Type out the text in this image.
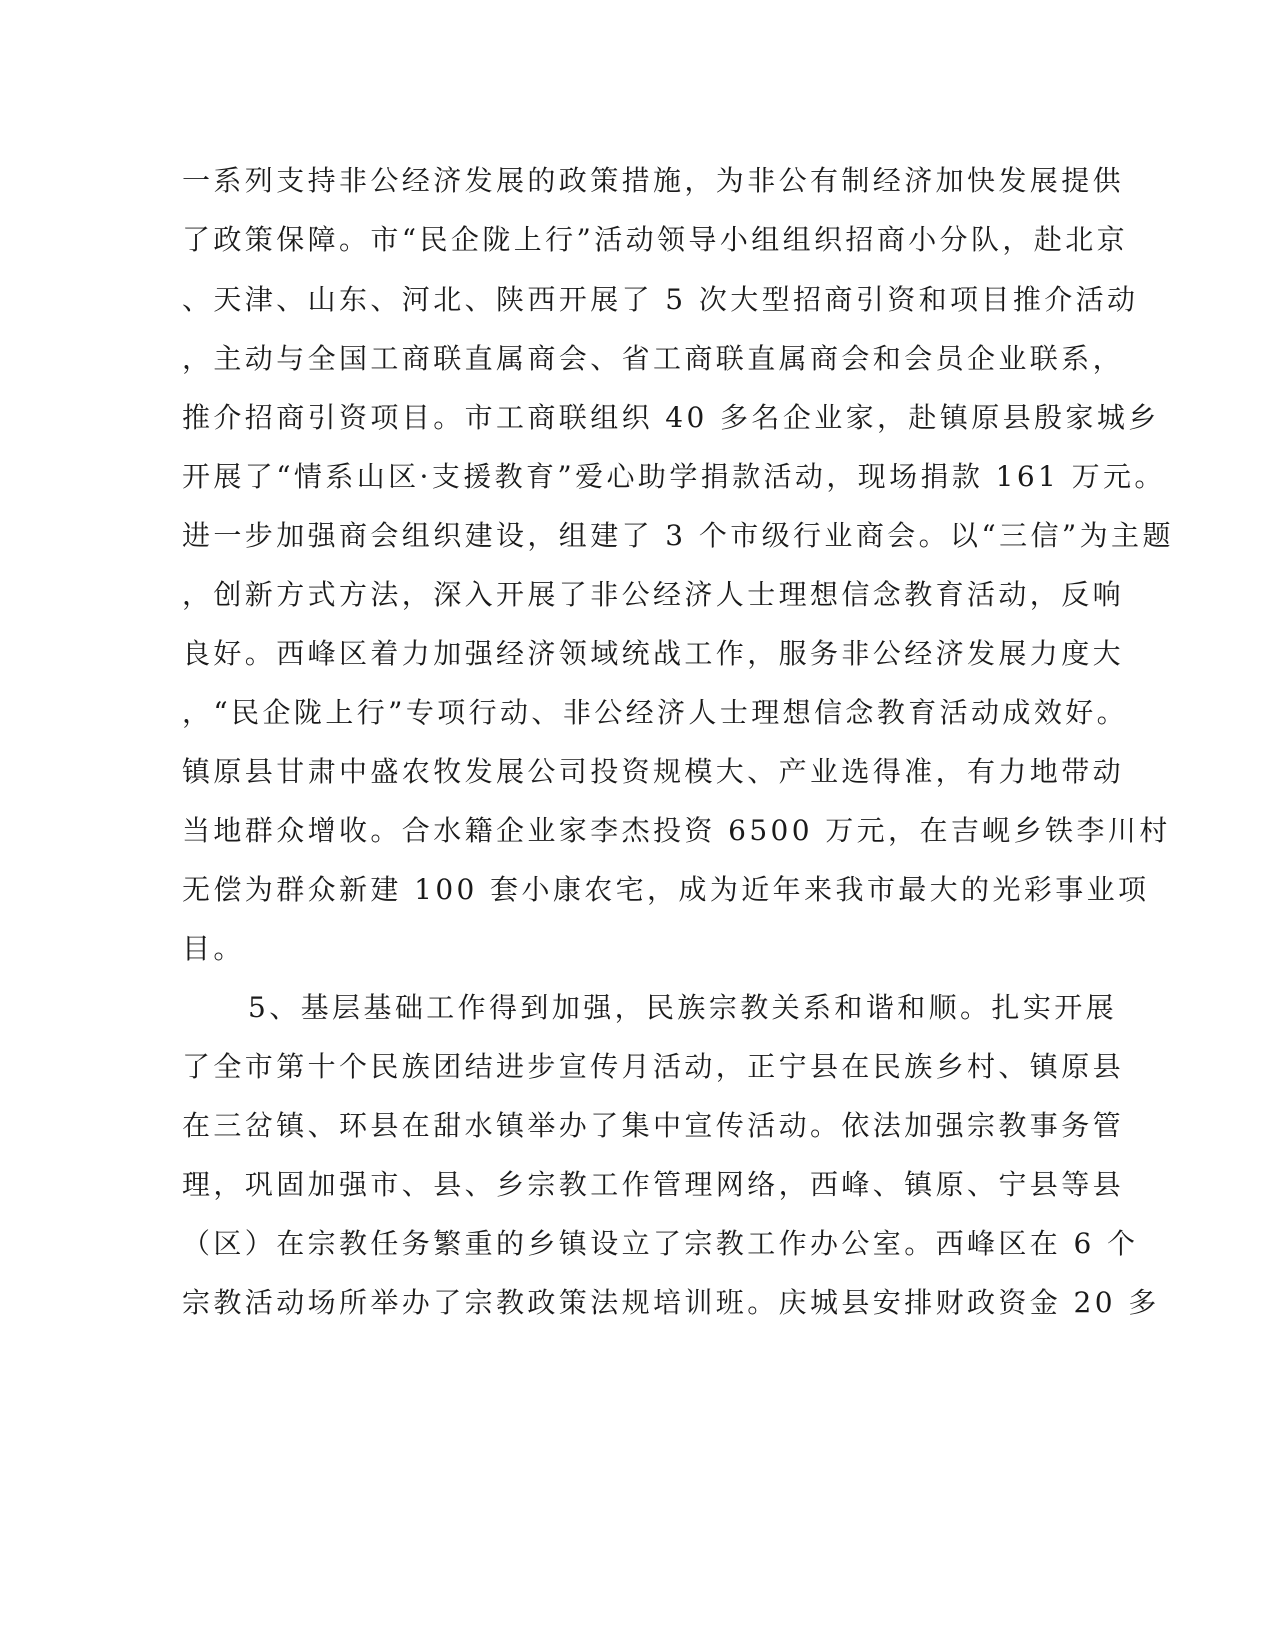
一系列支持非公经济发展的政策措施，为非公有制经济加快发展提供
了政策保障。市“民企陇上行”活动领导小组组织招商小分队，赴北京
、天津、山东、河北、陕西开展了 5 次大型招商引资和项目推介活动
，主动与全国工商联直属商会、省工商联直属商会和会员企业联系，
推介招商引资项目。市工商联组织 40 多名企业家，赴镇原县殷家城乡
开展了“情系山区·支援教育”爱心助学捐款活动，现场捐款 161 万元。
进一步加强商会组织建设，组建了 3 个市级行业商会。以“三信”为主题
，创新方式方法，深入开展了非公经济人士理想信念教育活动，反响
良好。西峰区着力加强经济领域统战工作，服务非公经济发展力度大
，“民企陇上行”专项行动、非公经济人士理想信念教育活动成效好。
镇原县甘肃中盛农牧发展公司投资规模大、产业选得准，有力地带动
当地群众增收。合水籍企业家李杰投资 6500 万元，在吉岘乡铁李川村
无偿为群众新建 100 套小康农宅，成为近年来我市最大的光彩事业项
目。
5、基层基础工作得到加强，民族宗教关系和谐和顺。扎实开展
了全市第十个民族团结进步宣传月活动，正宁县在民族乡村、镇原县
在三岔镇、环县在甜水镇举办了集中宣传活动。依法加强宗教事务管
理，巩固加强市、县、乡宗教工作管理网络，西峰、镇原、宁县等县
（区）在宗教任务繁重的乡镇设立了宗教工作办公室。西峰区在 6 个
宗教活动场所举办了宗教政策法规培训班。庆城县安排财政资金 20 多
